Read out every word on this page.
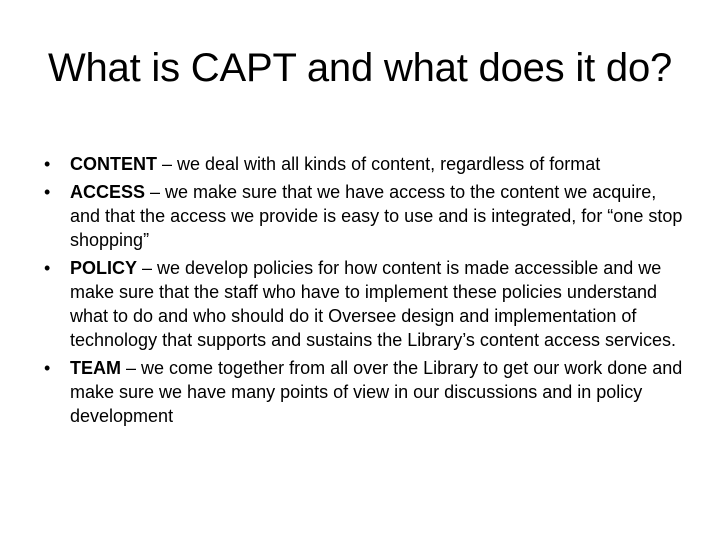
What is CAPT and what does it do?
•	CONTENT – we deal with all kinds of content, regardless of format
•	ACCESS – we make sure that we have access to the content we acquire, and that the access we provide is easy to use and is integrated, for “one stop shopping”
•	POLICY – we develop policies for how content is made accessible and we make sure that the staff who have to implement these policies understand what to do and who should do it Oversee design and implementation of technology that supports and sustains the Library’s content access services.
•	TEAM – we come together from all over the Library to get our work done and make sure we have many points of view in our discussions and in policy development
